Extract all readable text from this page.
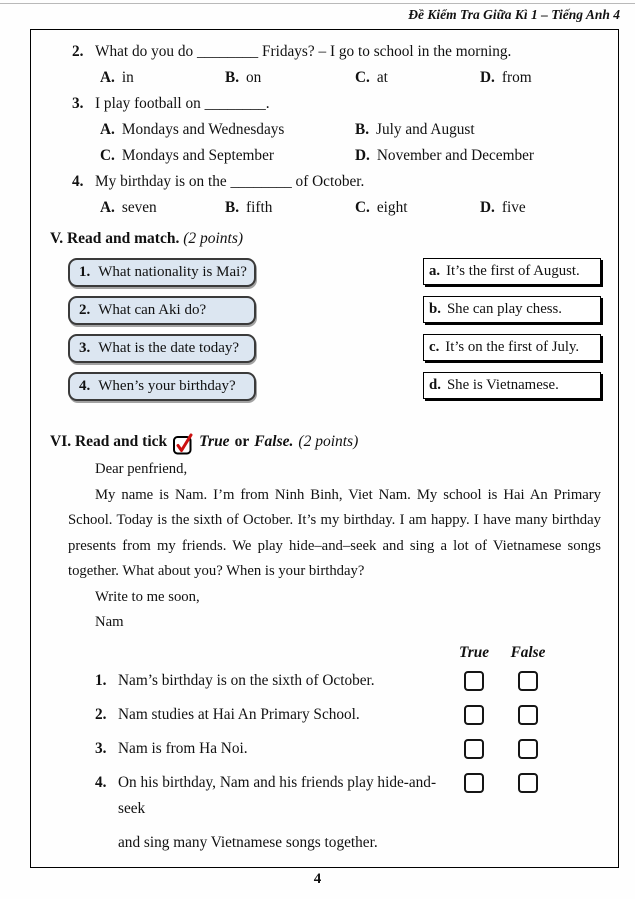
Đề Kiểm Tra Giữa Kì 1 – Tiếng Anh 4
2. What do you do ________ Fridays? – I go to school in the morning.
A. in	B. on	C. at	D. from
3. I play football on ________.
A. Mondays and Wednesdays	B. July and August
C. Mondays and September	D. November and December
4. My birthday is on the ________ of October.
A. seven	B. fifth	C. eight	D. five
V. Read and match. (2 points)
1. What nationality is Mai?	a. It’s the first of August.
2. What can Aki do?	b. She can play chess.
3. What is the date today?	c. It’s on the first of July.
4. When’s your birthday?	d. She is Vietnamese.
VI. Read and tick True or False. (2 points)
Dear penfriend,
My name is Nam. I’m from Ninh Binh, Viet Nam. My school is Hai An Primary School. Today is the sixth of October. It’s my birthday. I am happy. I have many birthday presents from my friends. We play hide–and–seek and sing a lot of Vietnamese songs together. What about you? When is your birthday?
Write to me soon,
Nam
True	False
1. Nam’s birthday is on the sixth of October.
2. Nam studies at Hai An Primary School.
3. Nam is from Ha Noi.
4. On his birthday, Nam and his friends play hide-and-seek
and sing many Vietnamese songs together.
4
